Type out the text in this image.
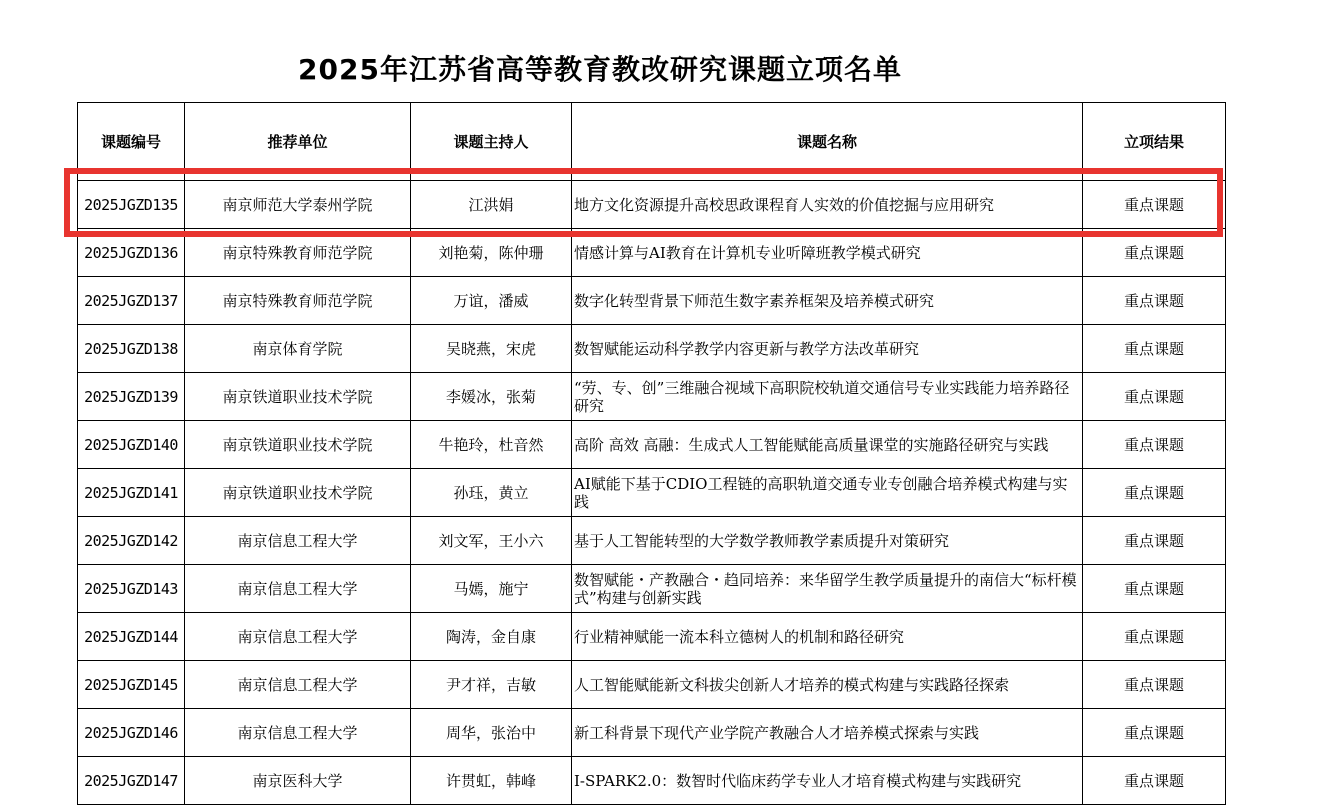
2025年江苏省高等教育教改研究课题立项名单
课题编号	推荐单位	课题主持人	课题名称	立项结果
2025JGZD135	南京师范大学泰州学院	江洪娟	地方文化资源提升高校思政课程育人实效的价值挖掘与应用研究	重点课题
2025JGZD136	南京特殊教育师范学院	刘艳菊，陈仲珊	情感计算与AI教育在计算机专业听障班教学模式研究	重点课题
2025JGZD137	南京特殊教育师范学院	万谊，潘威	数字化转型背景下师范生数字素养框架及培养模式研究	重点课题
2025JGZD138	南京体育学院	吴晓燕，宋虎	数智赋能运动科学教学内容更新与教学方法改革研究	重点课题
2025JGZD139	南京铁道职业技术学院	李媛冰，张菊	“劳、专、创”三维融合视域下高职院校轨道交通信号专业实践能力培养路径研究	重点课题
2025JGZD140	南京铁道职业技术学院	牛艳玲，杜音然	高阶 高效 高融：生成式人工智能赋能高质量课堂的实施路径研究与实践	重点课题
2025JGZD141	南京铁道职业技术学院	孙珏，黄立	AI赋能下基于CDIO工程链的高职轨道交通专业专创融合培养模式构建与实践	重点课题
2025JGZD142	南京信息工程大学	刘文军，王小六	基于人工智能转型的大学数学教师教学素质提升对策研究	重点课题
2025JGZD143	南京信息工程大学	马嫣，施宁	数智赋能・产教融合・趋同培养：来华留学生教学质量提升的南信大“标杆模式”构建与创新实践	重点课题
2025JGZD144	南京信息工程大学	陶涛，金自康	行业精神赋能一流本科立德树人的机制和路径研究	重点课题
2025JGZD145	南京信息工程大学	尹才祥，吉敏	人工智能赋能新文科拔尖创新人才培养的模式构建与实践路径探索	重点课题
2025JGZD146	南京信息工程大学	周华，张治中	新工科背景下现代产业学院产教融合人才培养模式探索与实践	重点课题
2025JGZD147	南京医科大学	许贯虹，韩峰	I-SPARK2.0：数智时代临床药学专业人才培育模式构建与实践研究	重点课题
